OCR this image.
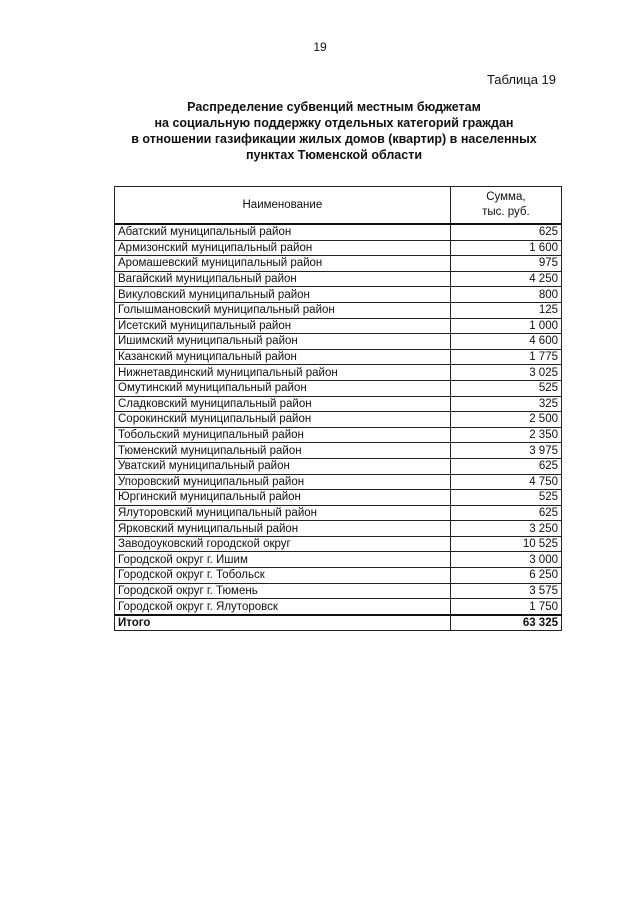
19
Таблица 19
Распределение субвенций местным бюджетам
на социальную поддержку отдельных категорий граждан
в отношении газификации жилых домов (квартир) в населенных
пунктах Тюменской области
Наименование	Сумма,
тыс. руб.
Абатский муниципальный район	625
Армизонский муниципальный район	1 600
Аромашевский муниципальный район	975
Вагайский муниципальный район	4 250
Викуловский муниципальный район	800
Голышмановский муниципальный район	125
Исетский муниципальный район	1 000
Ишимский муниципальный район	4 600
Казанский муниципальный район	1 775
Нижнетавдинский муниципальный район	3 025
Омутинский муниципальный район	525
Сладковский муниципальный район	325
Сорокинский муниципальный район	2 500
Тобольский муниципальный район	2 350
Тюменский муниципальный район	3 975
Уватский муниципальный район	625
Упоровский муниципальный район	4 750
Юргинский муниципальный район	525
Ялуторовский муниципальный район	625
Ярковский муниципальный район	3 250
Заводоуковский городской округ	10 525
Городской округ г. Ишим	3 000
Городской округ г. Тобольск	6 250
Городской округ г. Тюмень	3 575
Городской округ г. Ялуторовск	1 750
Итого	63 325
